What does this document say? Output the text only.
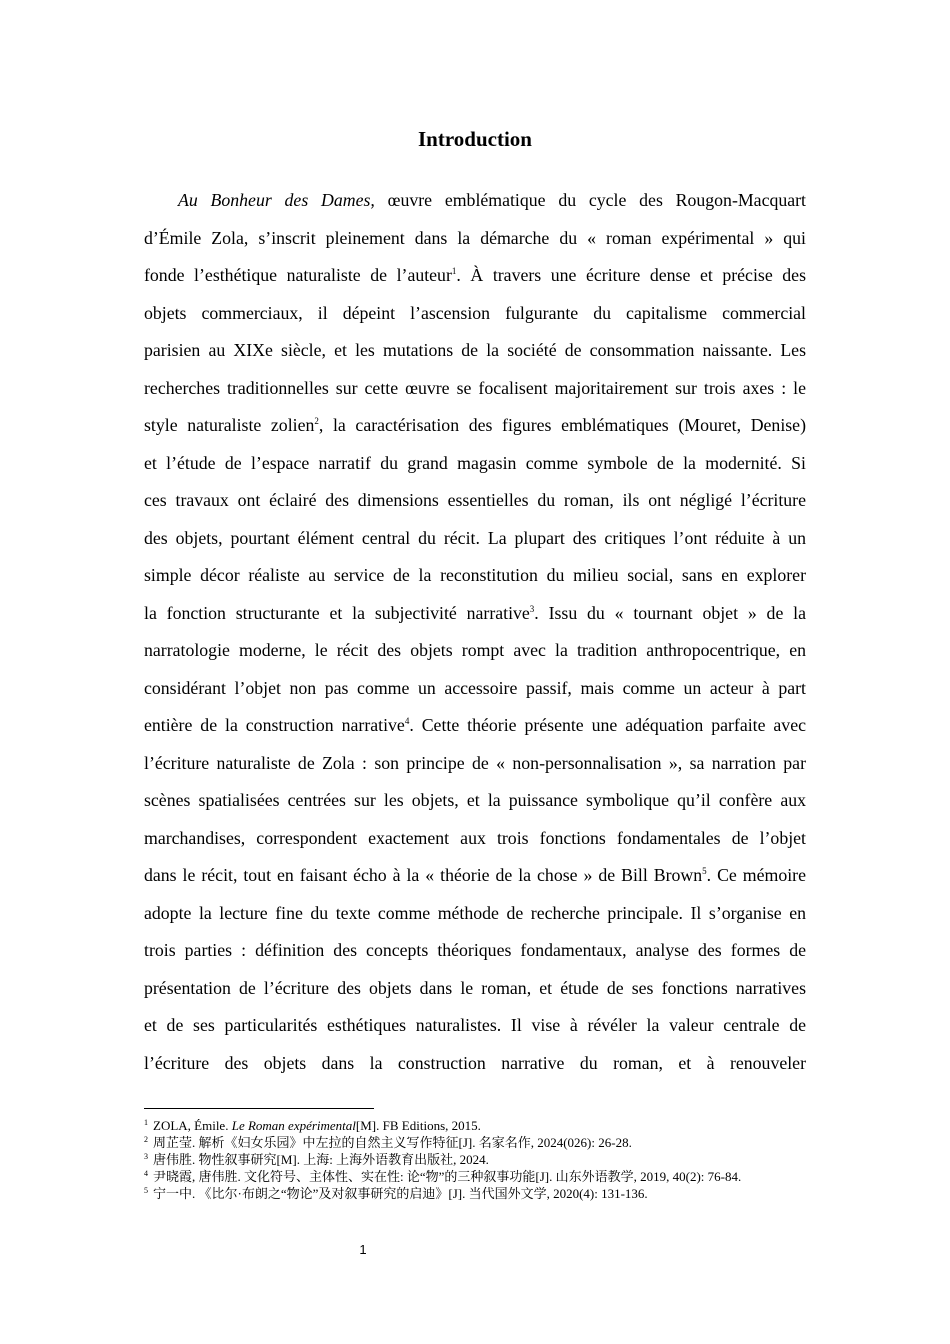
Introduction
Au Bonheur des Dames, œuvre emblématique du cycle des Rougon-Macquart
d’Émile Zola, s’inscrit pleinement dans la démarche du « roman expérimental » qui
fonde l’esthétique naturaliste de l’auteur$^1$. À travers une écriture dense et précise des
objets commerciaux, il dépeint l’ascension fulgurante du capitalisme commercial
parisien au XIXe siècle, et les mutations de la société de consommation naissante. Les
recherches traditionnelles sur cette œuvre se focalisent majoritairement sur trois axes : le
style naturaliste zolien$^2$, la caractérisation des figures emblématiques (Mouret, Denise)
et l’étude de l’espace narratif du grand magasin comme symbole de la modernité. Si
ces travaux ont éclairé des dimensions essentielles du roman, ils ont négligé l’écriture
des objets, pourtant élément central du récit. La plupart des critiques l’ont réduite à un
simple décor réaliste au service de la reconstitution du milieu social, sans en explorer
la fonction structurante et la subjectivité narrative$^3$. Issu du « tournant objet » de la
narratologie moderne, le récit des objets rompt avec la tradition anthropocentrique, en
considérant l’objet non pas comme un accessoire passif, mais comme un acteur à part
entière de la construction narrative$^4$. Cette théorie présente une adéquation parfaite avec
l’écriture naturaliste de Zola : son principe de « non-personnalisation », sa narration par
scènes spatialisées centrées sur les objets, et la puissance symbolique qu’il confère aux
marchandises, correspondent exactement aux trois fonctions fondamentales de l’objet
dans le récit, tout en faisant écho à la « théorie de la chose » de Bill Brown$^5$. Ce mémoire
adopte la lecture fine du texte comme méthode de recherche principale. Il s’organise en
trois parties : définition des concepts théoriques fondamentaux, analyse des formes de
présentation de l’écriture des objets dans le roman, et étude de ses fonctions narratives
et de ses particularités esthétiques naturalistes. Il vise à révéler la valeur centrale de
l’écriture des objets dans la construction narrative du roman, et à renouveler
$^1$ ZOLA, Émile. Le Roman expérimental[M]. FB Editions, 2015.
$^2$ 周芷莹. 解析《妇女乐园》中左拉的自然主义写作特征[J]. 名家名作, 2024(026): 26-28.
$^3$ 唐伟胜. 物性叙事研究[M]. 上海: 上海外语教育出版社, 2024.
$^4$ 尹晓霞, 唐伟胜. 文化符号、主体性、实在性: 论“物”的三种叙事功能[J]. 山东外语教学, 2019, 40(2): 76-84.
$^5$ 宁一中. 《比尔·布朗之“物论”及对叙事研究的启迪》[J]. 当代国外文学, 2020(4): 131-136.
1
